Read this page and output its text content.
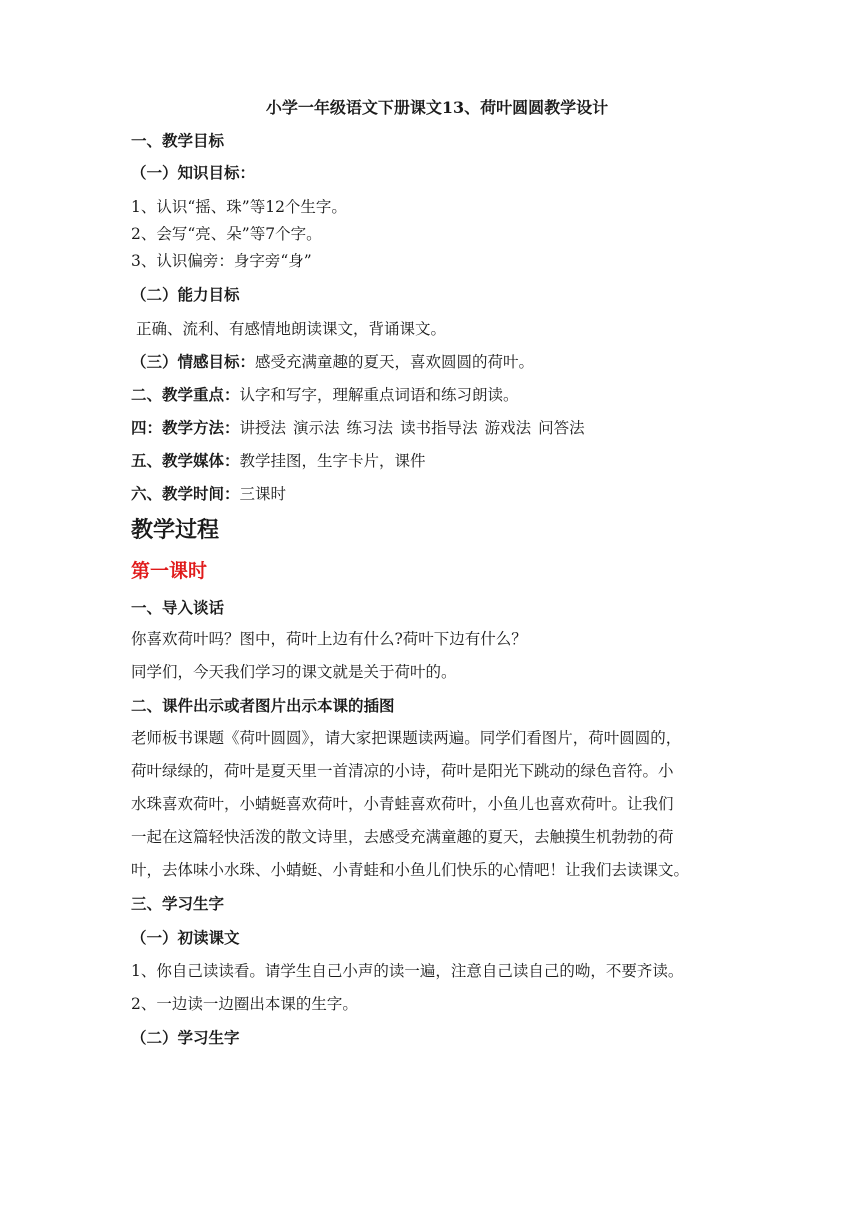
小学一年级语文下册课文13、荷叶圆圆教学设计
一、教学目标
（一）知识目标：
1、认识“摇、珠”等12个生字。
2、会写“亮、朵”等7个字。
3、认识偏旁：身字旁“身”
（二）能力目标
正确、流利、有感情地朗读课文，背诵课文。
（三）情感目标：感受充满童趣的夏天，喜欢圆圆的荷叶。
二、教学重点：认字和写字，理解重点词语和练习朗读。
四：教学方法：讲授法 演示法 练习法 读书指导法 游戏法 问答法
五、教学媒体：教学挂图，生字卡片，课件
六、教学时间：三课时
教学过程
第一课时
一、导入谈话
你喜欢荷叶吗？图中，荷叶上边有什么?荷叶下边有什么？
同学们，今天我们学习的课文就是关于荷叶的。
二、课件出示或者图片出示本课的插图
老师板书课题《荷叶圆圆》，请大家把课题读两遍。同学们看图片，荷叶圆圆的，
荷叶绿绿的，荷叶是夏天里一首清凉的小诗，荷叶是阳光下跳动的绿色音符。小
水珠喜欢荷叶，小蜻蜓喜欢荷叶，小青蛙喜欢荷叶，小鱼儿也喜欢荷叶。让我们
一起在这篇轻快活泼的散文诗里，去感受充满童趣的夏天，去触摸生机勃勃的荷
叶，去体味小水珠、小蜻蜓、小青蛙和小鱼儿们快乐的心情吧！让我们去读课文。
三、学习生字
（一）初读课文
1、你自己读读看。请学生自己小声的读一遍，注意自己读自己的呦，不要齐读。
2、一边读一边圈出本课的生字。
（二）学习生字
